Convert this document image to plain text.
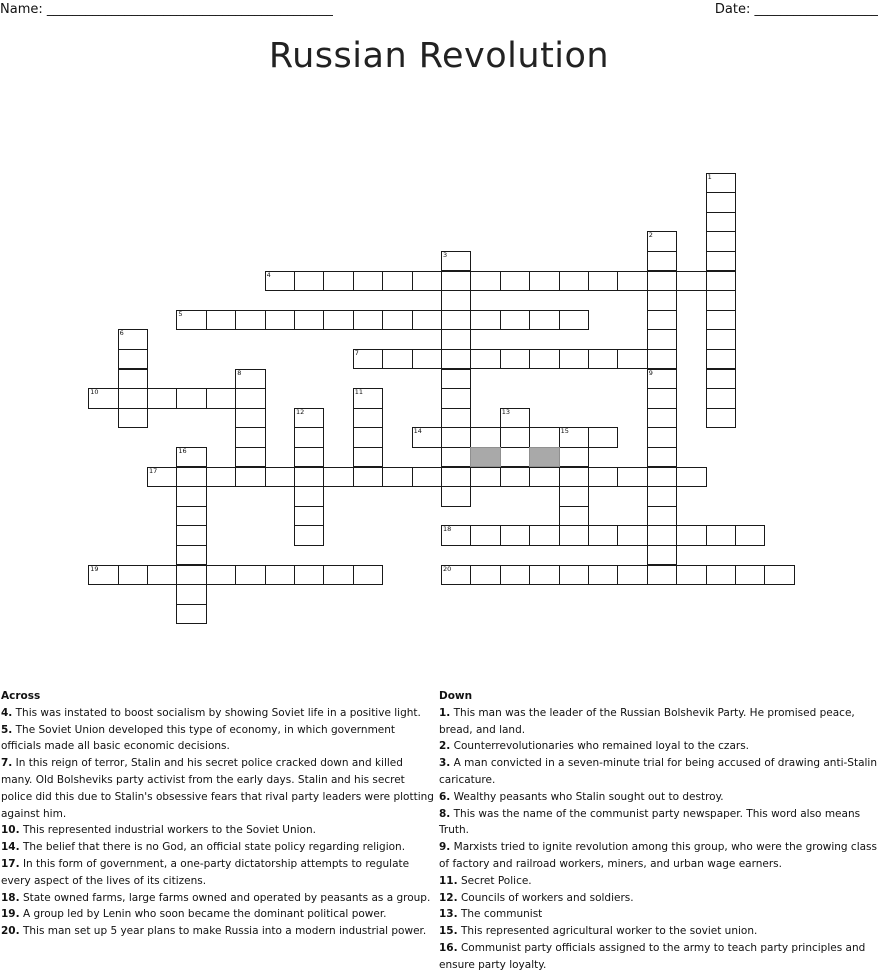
Name: ____________________________________________	Date: ___________________
Russian Revolution
4
5
7
10
14	15
17
18
19	20
1
2
9
3
6
8
11
12	13
16
Across

4. This was instated to boost socialism by showing Soviet life in a positive light.

5. The Soviet Union developed this type of economy, in which government officials made all basic economic decisions.

7. In this reign of terror, Stalin and his secret police cracked down and killed many. Old Bolsheviks party activist from the early days. Stalin and his secret police did this due to Stalin's obsessive fears that rival party leaders were plotting against him.

10. This represented industrial workers to the Soviet Union.

14. The belief that there is no God, an official state policy regarding religion.

17. In this form of government, a one-party dictatorship attempts to regulate every aspect of the lives of its citizens.

18. State owned farms, large farms owned and operated by peasants as a group.

19. A group led by Lenin who soon became the dominant political power.

20. This man set up 5 year plans to make Russia into a modern industrial power.

Down

1. This man was the leader of the Russian Bolshevik Party. He promised peace, bread, and land.

2. Counterrevolutionaries who remained loyal to the czars.

3. A man convicted in a seven-minute trial for being accused of drawing anti-Stalin caricature.

6. Wealthy peasants who Stalin sought out to destroy.

8. This was the name of the communist party newspaper. This word also means Truth.

9. Marxists tried to ignite revolution among this group, who were the growing class of factory and railroad workers, miners, and urban wage earners.

11. Secret Police.

12. Councils of workers and soldiers.

13. The communist

15. This represented agricultural worker to the soviet union.

16. Communist party officials assigned to the army to teach party principles and ensure party loyalty.
